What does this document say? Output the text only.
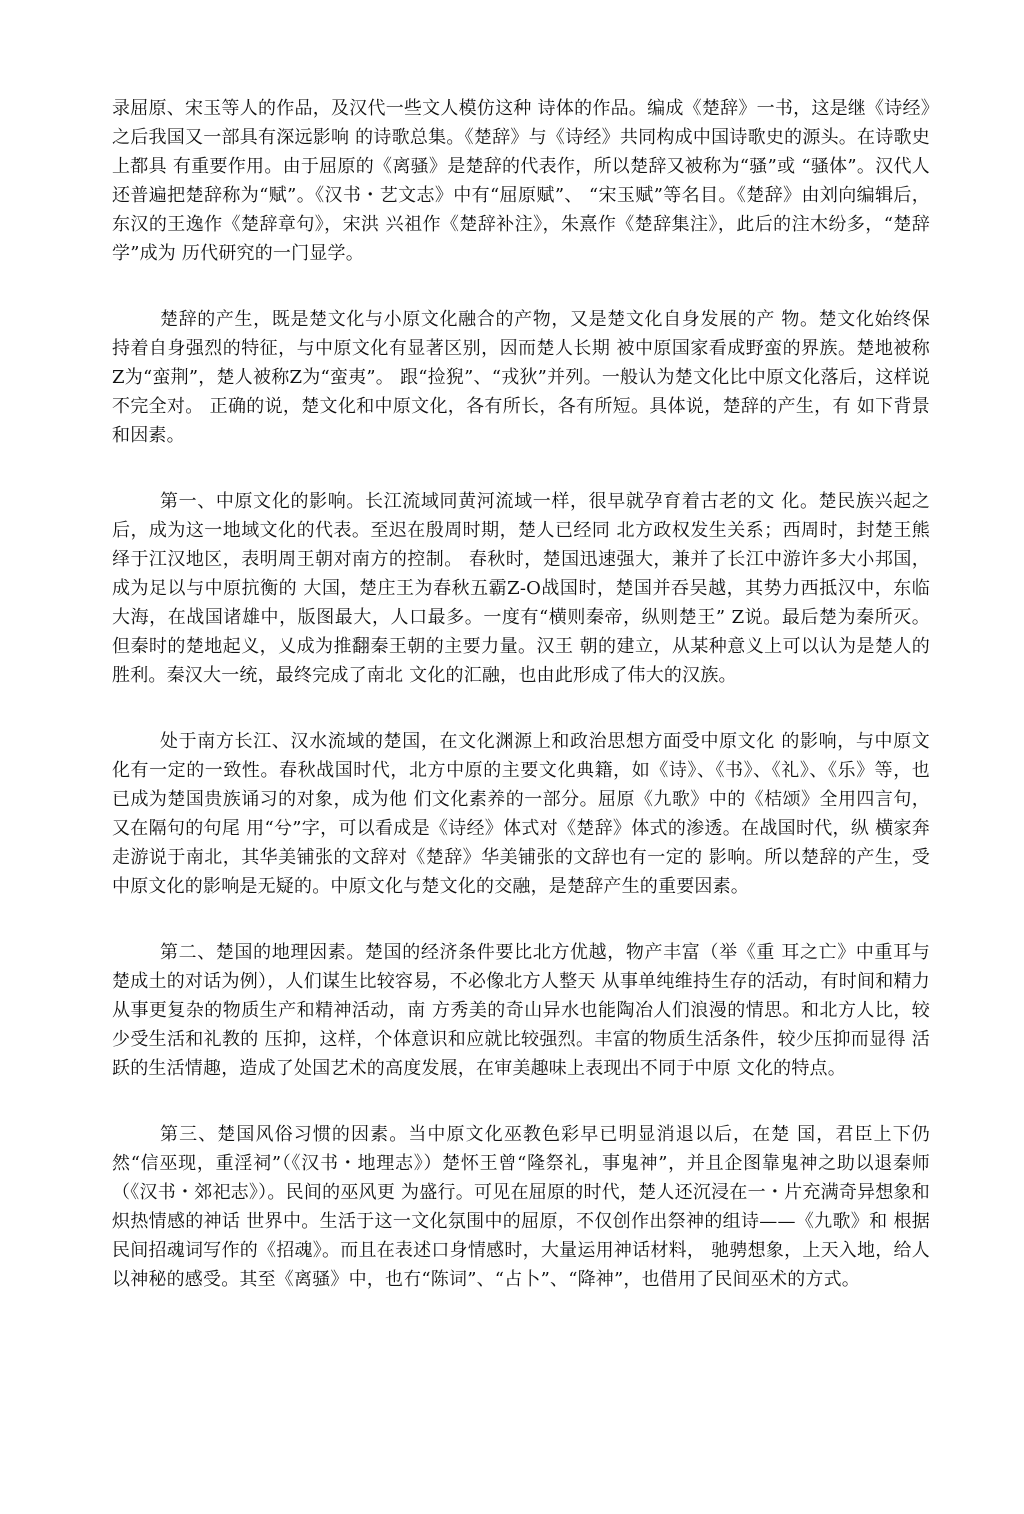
录屈原、宋玉等人的作品，及汉代一些文人模仿这种 诗体的作品。编成《楚辞》一书，这是继《诗经》之后我国又一部具有深远影响 的诗歌总集。《楚辞》与《诗经》共同构成中国诗歌史的源头。在诗歌史上都具 有重要作用。由于屈原的《离骚》是楚辞的代表作，所以楚辞又被称为“骚”或 “骚体”。汉代人还普遍把楚辞称为“赋”。《汉书・艺文志》中有“屈原赋”、 “宋玉赋”等名目。《楚辞》由刘向编辑后，东汉的王逸作《楚辞章句》，宋洪 兴祖作《楚辞补注》，朱熹作《楚辞集注》，此后的注木纷多，“楚辞学”成为 历代研究的一门显学。

楚辞的产生，既是楚文化与小原文化融合的产物，又是楚文化自身发展的产 物。楚文化始终保持着自身强烈的特征，与中原文化有显著区别，因而楚人长期 被中原国家看成野蛮的界族。楚地被称Z为“蛮荆”，楚人被称Z为“蛮夷”。 跟“捡猊”、“戎狄”并列。一般认为楚文化比中原文化落后，这样说不完全对。 正确的说，楚文化和中原文化，各有所长，各有所短。具体说，楚辞的产生，有 如下背景和因素。

第一、中原文化的影响。长江流域同黄河流域一样，很早就孕育着古老的文 化。楚民族兴起之后，成为这一地域文化的代表。至迟在殷周时期，楚人已经同 北方政权发生关系；西周时，封楚王熊绎于江汉地区，表明周王朝对南方的控制。 春秋时，楚国迅速强大，兼并了长江中游许多大小邦国，成为足以与中原抗衡的 大国，楚庄王为春秋五霸Z-O战国时，楚国并吞吴越，其势力西抵汉中，东临 大海，在战国诸雄中，版图最大，人口最多。一度有“横则秦帝，纵则楚王” Z说。最后楚为秦所灭。但秦时的楚地起义，乂成为推翻秦王朝的主要力量。汉王 朝的建立，从某种意义上可以认为是楚人的胜利。秦汉大一统，最终完成了南北 文化的汇融，也由此形成了伟大的汉族。

处于南方长江、汉水流域的楚国，在文化渊源上和政治思想方面受中原文化 的影响，与中原文化有一定的一致性。春秋战国时代，北方中原的主要文化典籍，如《诗》、《书》、《礼》、《乐》等，也已成为楚国贵族诵习的对象，成为他 们文化素养的一部分。屈原《九歌》中的《桔颂》全用四言句，又在隔句的句尾 用“兮”字，可以看成是《诗经》体式对《楚辞》体式的渗透。在战国时代，纵 横家奔走游说于南北，其华美铺张的文辞对《楚辞》华美铺张的文辞也有一定的 影响。所以楚辞的产生，受中原文化的影响是无疑的。中原文化与楚文化的交融，是楚辞产生的重要因素。

第二、楚国的地理因素。楚国的经济条件要比北方优越，物产丰富（举《重 耳之亡》中重耳与楚成土的对话为例），人们谋生比较容易，不必像北方人整天 从事单纯维持生存的活动，有时间和精力从事更复杂的物质生产和精神活动，南 方秀美的奇山异水也能陶冶人们浪漫的情思。和北方人比，较少受生活和礼教的 压抑，这样，个体意识和应就比较强烈。丰富的物质生活条件，较少压抑而显得 活跃的生活情趣，造成了处国艺术的高度发展，在审美趣味上表现出不同于中原 文化的特点。

第三、楚国风俗习惯的因素。当中原文化巫教色彩早已明显消退以后，在楚 国，君臣上下仍然“信巫现，重淫祠”（《汉书・地理志》）楚怀王曾“隆祭礼，事鬼神”，并且企图靠鬼神之助以退秦师（《汉书・郊祀志》）。民间的巫风更 为盛行。可见在屈原的时代，楚人还沉浸在一・片充满奇异想象和炽热情感的神话 世界中。生活于这一文化氛围中的屈原，不仅创作出祭神的组诗——《九歌》和 根据民间招魂词写作的《招魂》。而且在表述口身情感时，大量运用神话材料， 驰骋想象，上天入地，给人以神秘的感受。其至《离骚》中，也冇“陈词”、“占卜”、“降神”，也借用了民间巫术的方式。
